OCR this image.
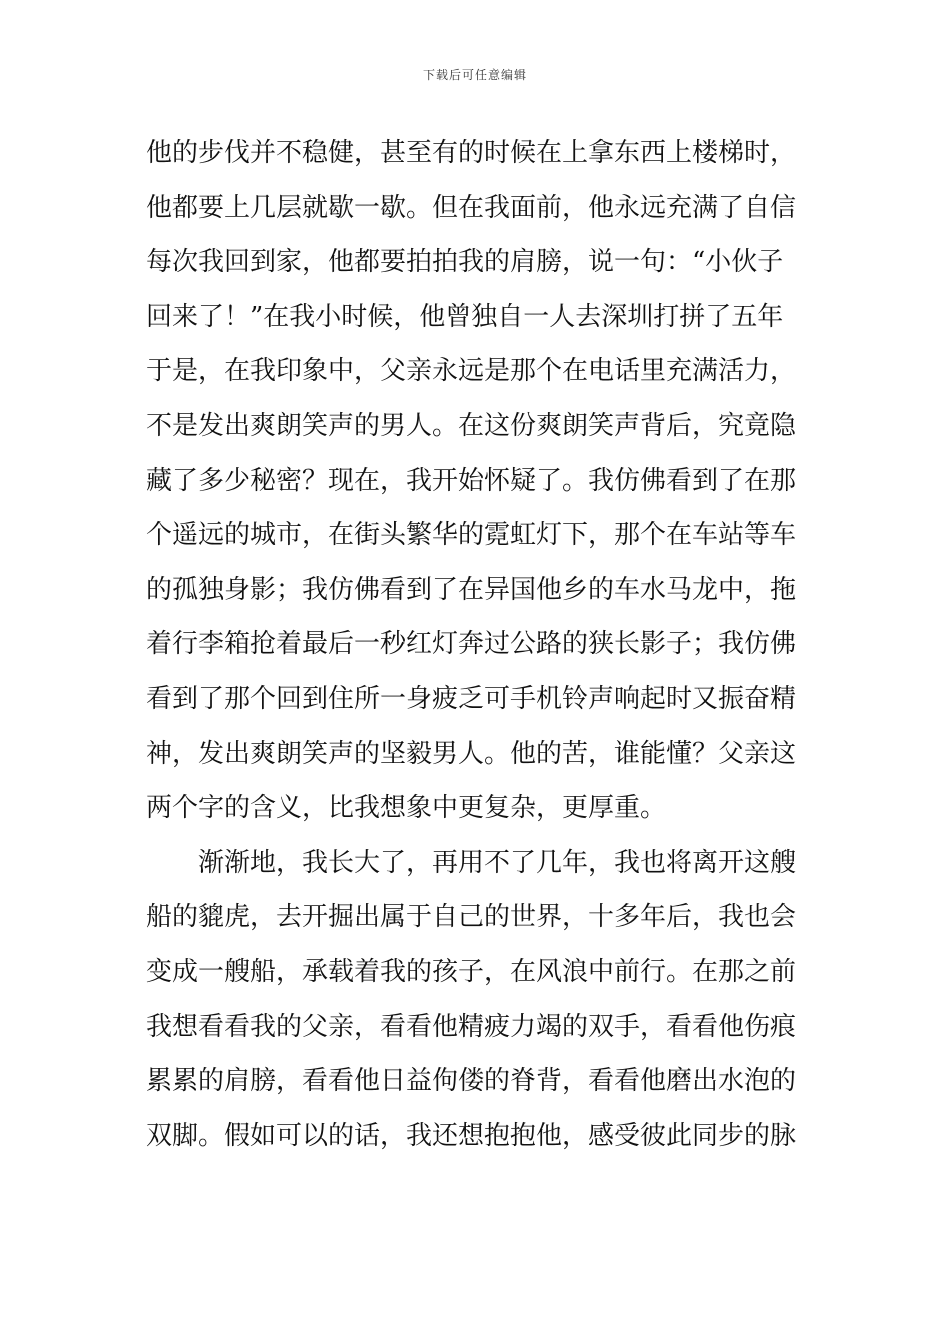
下载后可任意编辑
他的步伐并不稳健，甚至有的时候在上拿东西上楼梯时，
他都要上几层就歇一歇。但在我面前，他永远充满了自信
每次我回到家，他都要拍拍我的肩膀，说一句：“小伙子
回来了！”在我小时候，他曾独自一人去深圳打拼了五年
于是，在我印象中，父亲永远是那个在电话里充满活力，
不是发出爽朗笑声的男人。在这份爽朗笑声背后，究竟隐
藏了多少秘密？现在，我开始怀疑了。我仿佛看到了在那
个遥远的城市，在街头繁华的霓虹灯下，那个在车站等车
的孤独身影；我仿佛看到了在异国他乡的车水马龙中，拖
着行李箱抢着最后一秒红灯奔过公路的狭长影子；我仿佛
看到了那个回到住所一身疲乏可手机铃声响起时又振奋精
神，发出爽朗笑声的坚毅男人。他的苦，谁能懂？父亲这
两个字的含义，比我想象中更复杂，更厚重。
渐渐地，我长大了，再用不了几年，我也将离开这艘
船的貔虎，去开掘出属于自己的世界，十多年后，我也会
变成一艘船，承载着我的孩子，在风浪中前行。在那之前
我想看看我的父亲，看看他精疲力竭的双手，看看他伤痕
累累的肩膀，看看他日益佝偻的脊背，看看他磨出水泡的
双脚。假如可以的话，我还想抱抱他，感受彼此同步的脉
